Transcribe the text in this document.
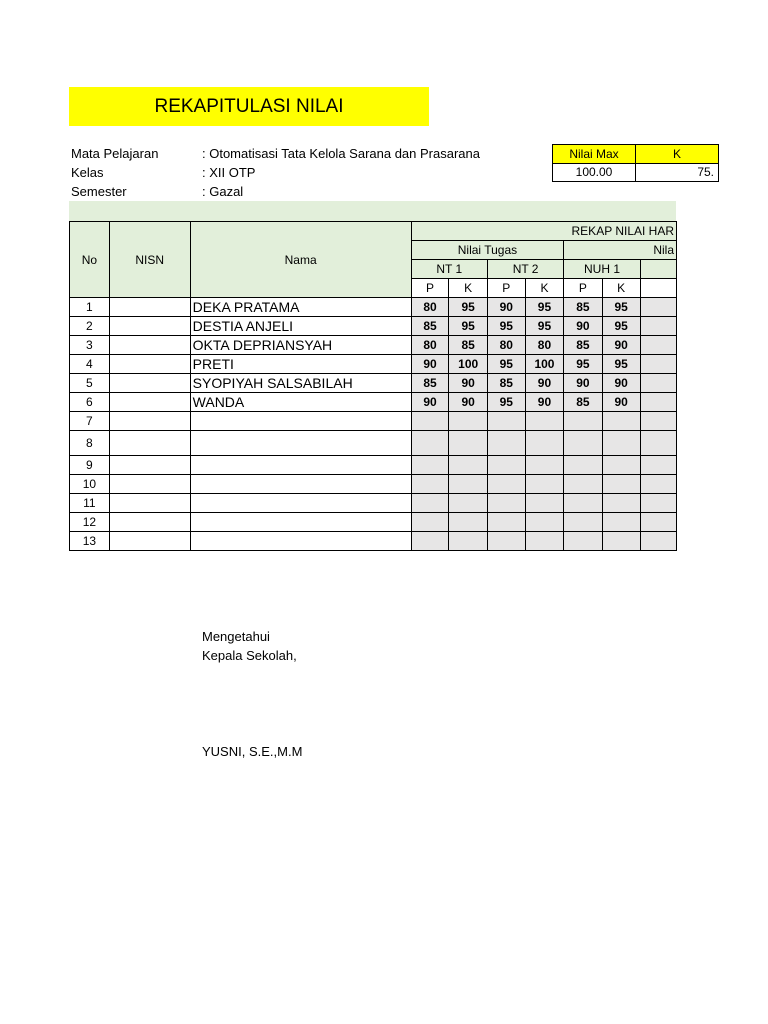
REKAPITULASI NILAI
Mata Pelajaran	: Otomatisasi Tata Kelola Sarana dan Prasarana
Kelas	: XII OTP
Semester	: Gazal
Nilai Max	K
100.00	75.
No	NISN	Nama	REKAP NILAI HAR						
			Nilai Tugas				Nila		
			NT 1		NT 2		NUH 1		
			P	K	P	K	P	K	
1		DEKA PRATAMA	80	95	90	95	85	95	
2		DESTIA ANJELI	85	95	95	95	90	95	
3		OKTA DEPRIANSYAH	80	85	80	80	85	90	
4		PRETI	90	100	95	100	95	95	
5		SYOPIYAH SALSABILAH	85	90	85	90	90	90	
6		WANDA	90	90	95	90	85	90	
7									
8									
9									
10									
11									
12									
13									
Mengetahui
Kepala Sekolah,
YUSNI, S.E.,M.M
